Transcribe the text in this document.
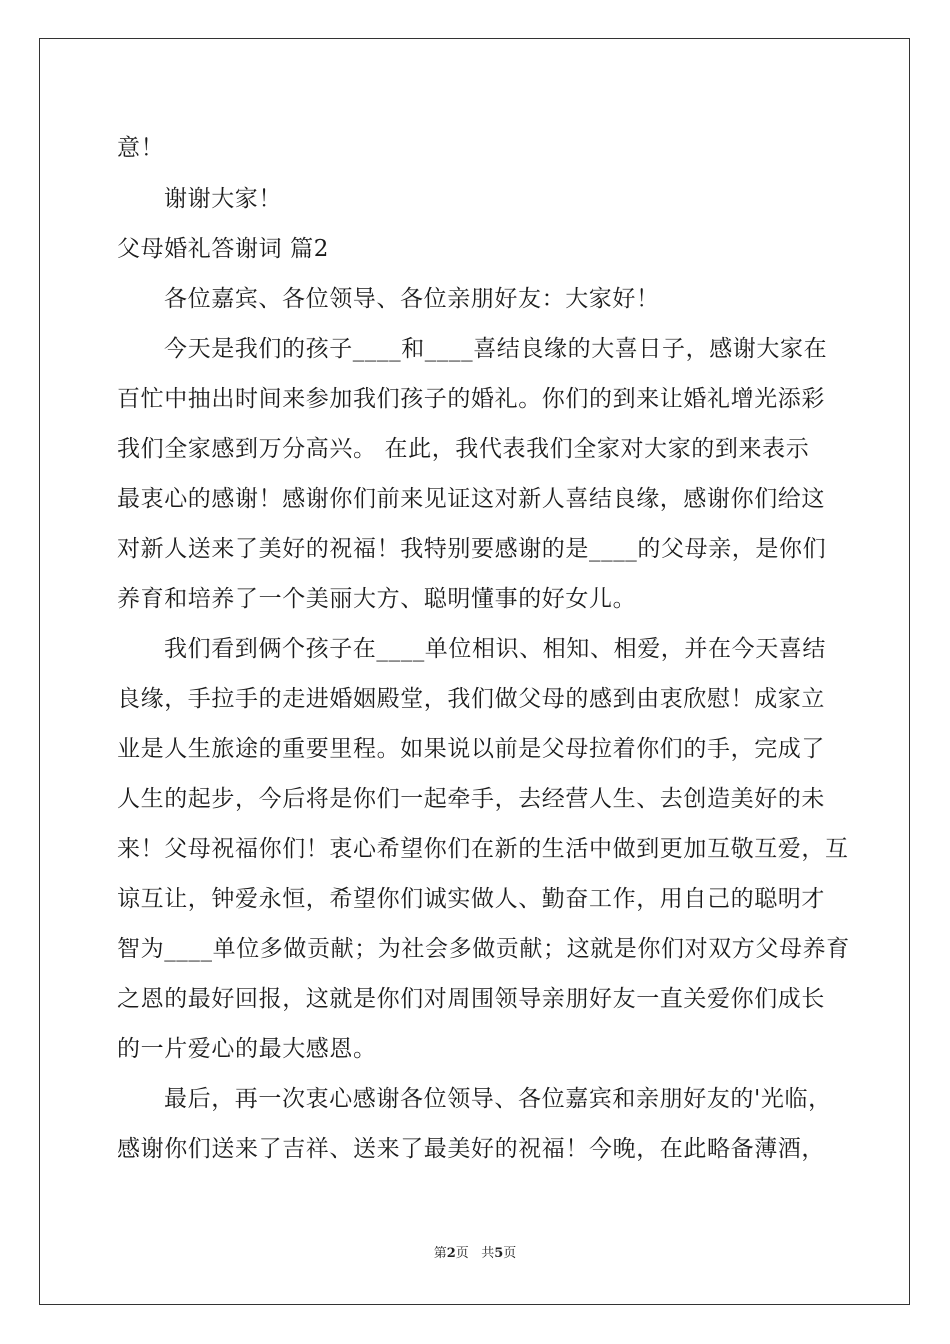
意！
谢谢大家！
父母婚礼答谢词 篇2
各位嘉宾、各位领导、各位亲朋好友：大家好！
今天是我们的孩子____和____喜结良缘的大喜日子，感谢大家在
百忙中抽出时间来参加我们孩子的婚礼。你们的到来让婚礼增光添彩
我们全家感到万分高兴。 在此，我代表我们全家对大家的到来表示
最衷心的感谢！感谢你们前来见证这对新人喜结良缘，感谢你们给这
对新人送来了美好的祝福！我特别要感谢的是____的父母亲，是你们
养育和培养了一个美丽大方、聪明懂事的好女儿。
我们看到俩个孩子在____单位相识、相知、相爱，并在今天喜结
良缘，手拉手的走进婚姻殿堂，我们做父母的感到由衷欣慰！成家立
业是人生旅途的重要里程。如果说以前是父母拉着你们的手，完成了
人生的起步，今后将是你们一起牵手，去经营人生、去创造美好的未
来！父母祝福你们！衷心希望你们在新的生活中做到更加互敬互爱，互
谅互让，钟爱永恒，希望你们诚实做人、勤奋工作，用自己的聪明才
智为____单位多做贡献；为社会多做贡献；这就是你们对双方父母养育
之恩的最好回报，这就是你们对周围领导亲朋好友一直关爱你们成长
的一片爱心的最大感恩。
最后，再一次衷心感谢各位领导、各位嘉宾和亲朋好友的'光临，
感谢你们送来了吉祥、送来了最美好的祝福！今晚，在此略备薄酒，
第2页 共5页
